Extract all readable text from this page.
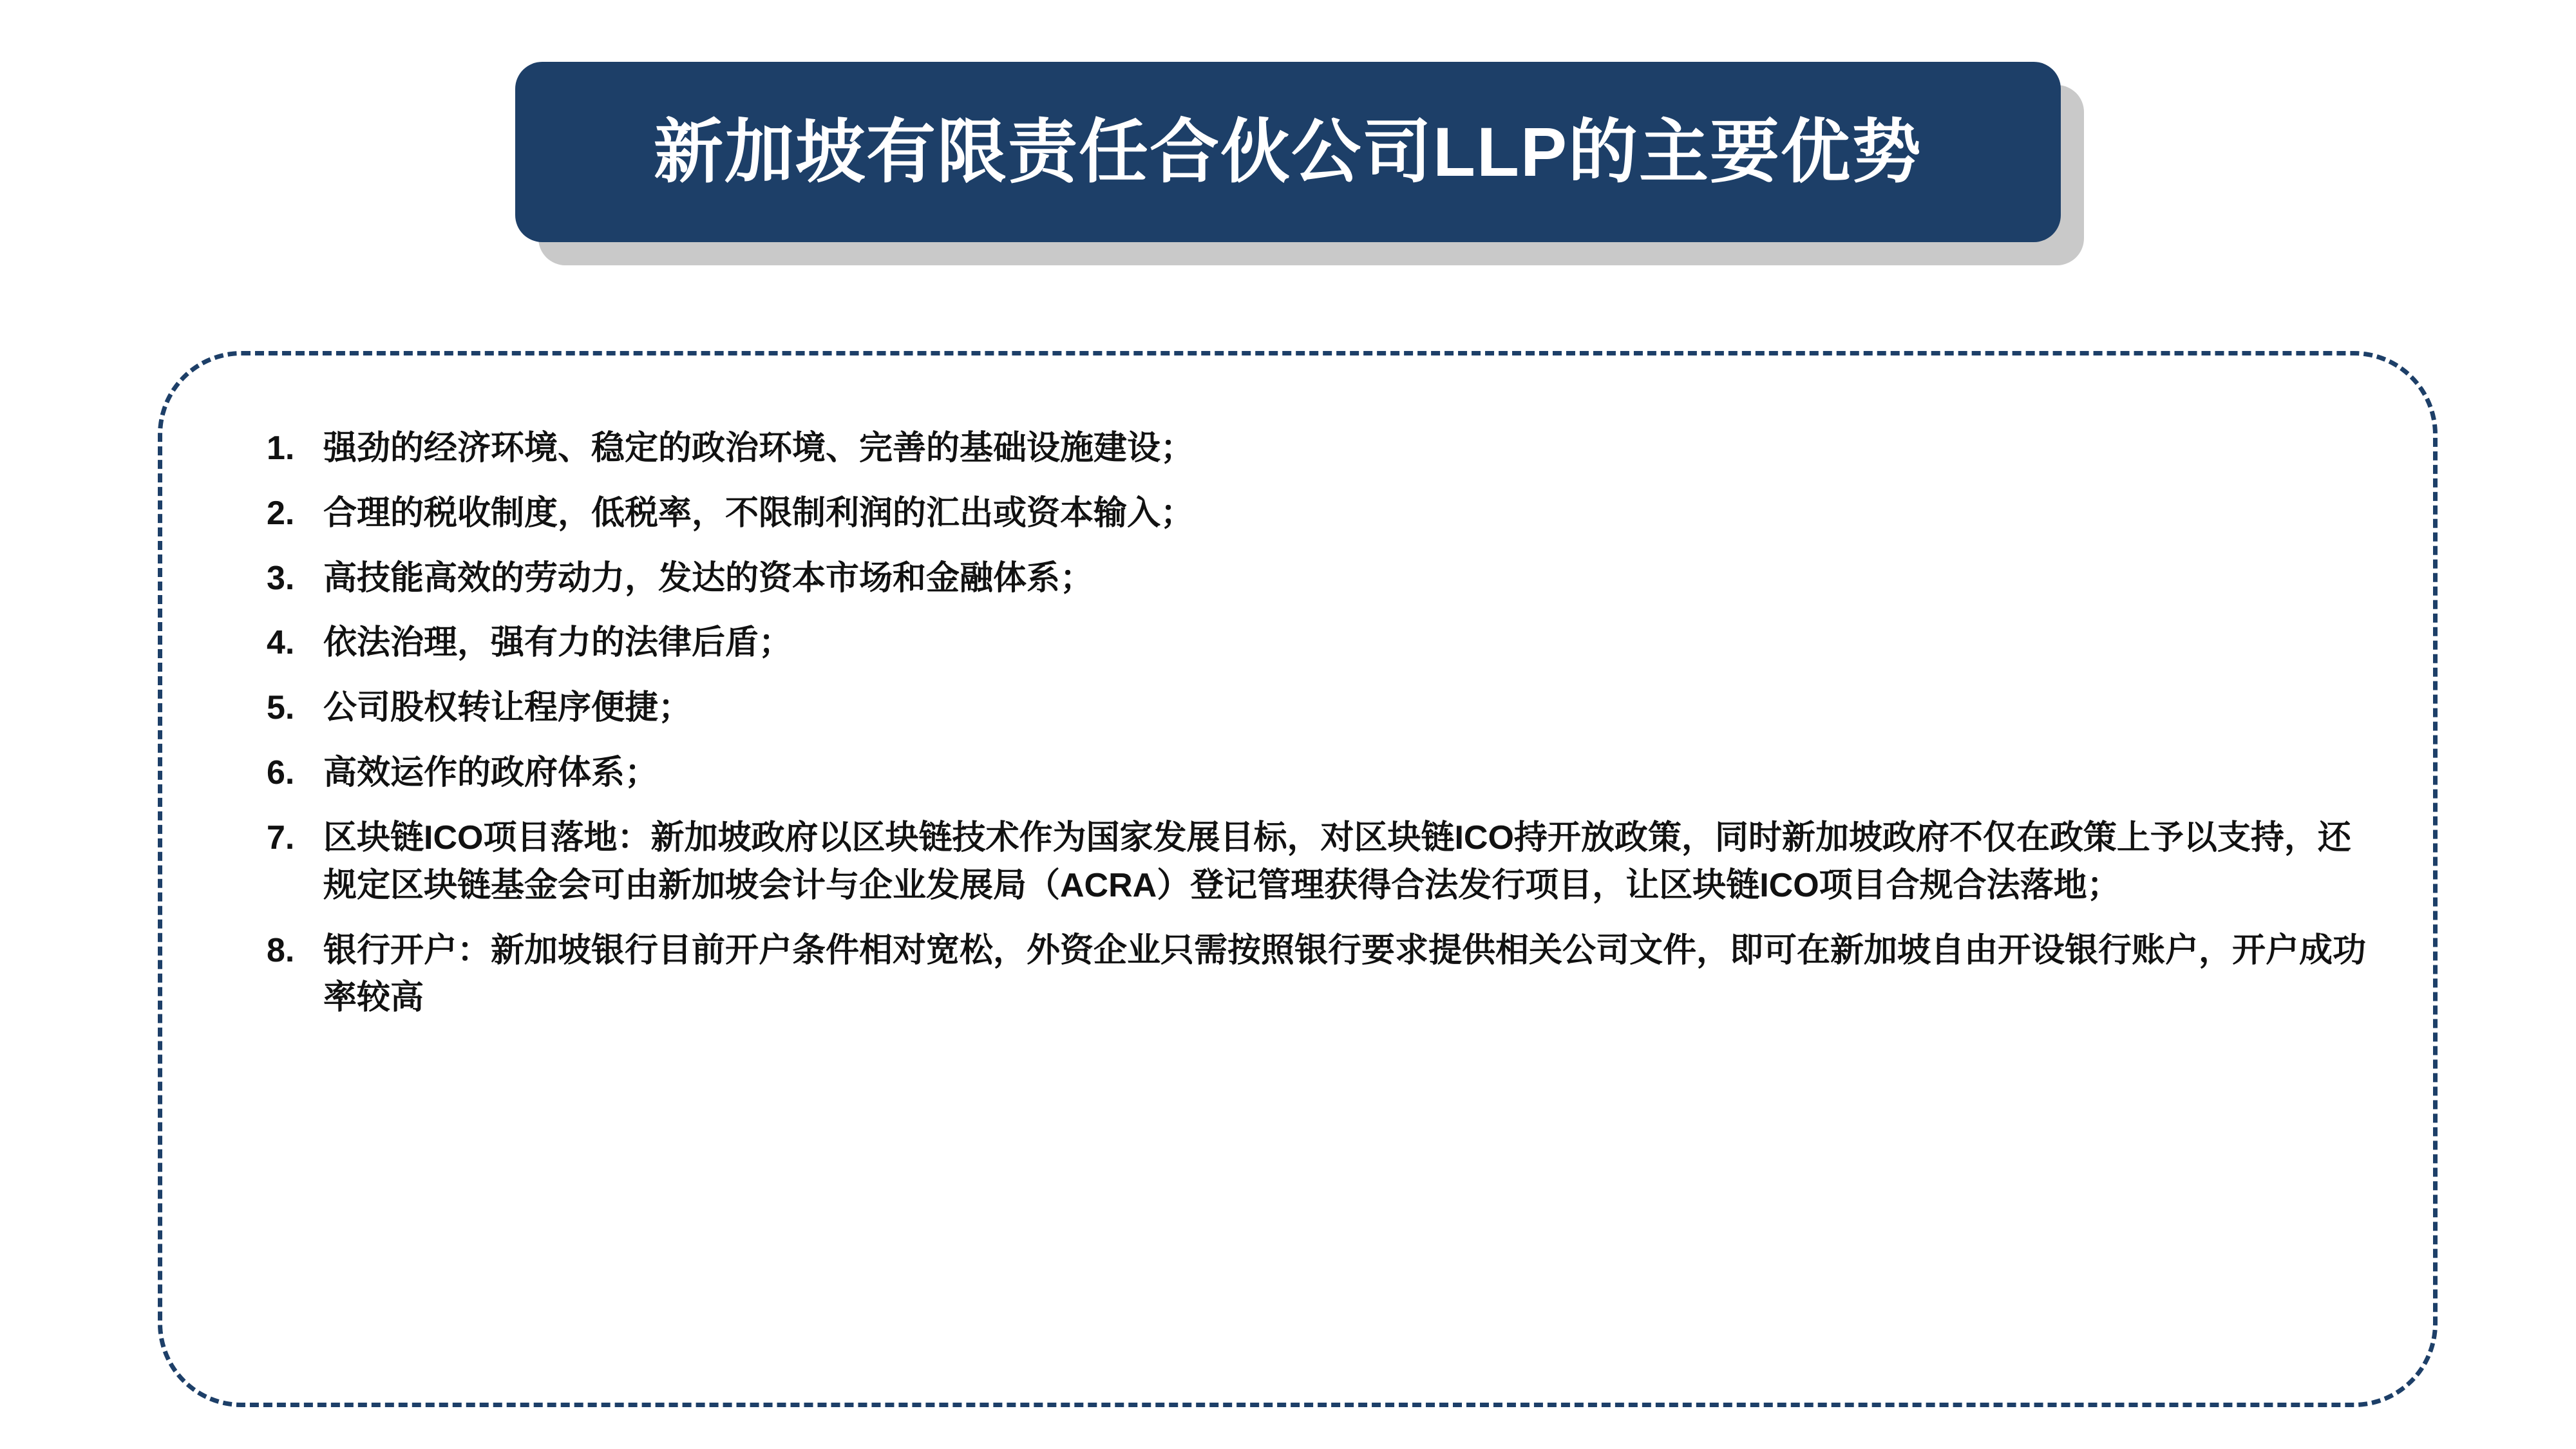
新加坡有限责任合伙公司LLP的主要优势
1. 强劲的经济环境、稳定的政治环境、完善的基础设施建设；
2. 合理的税收制度，低税率，不限制利润的汇出或资本输入；
3. 高技能高效的劳动力，发达的资本市场和金融体系；
4. 依法治理，强有力的法律后盾；
5. 公司股权转让程序便捷；
6. 高效运作的政府体系；
7. 区块链ICO项目落地：新加坡政府以区块链技术作为国家发展目标，对区块链ICO持开放政策，同时新加坡政府不仅在政策上予以支持，还规定区块链基金会可由新加坡会计与企业发展局（ACRA）登记管理获得合法发行项目，让区块链ICO项目合规合法落地；
8. 银行开户：新加坡银行目前开户条件相对宽松，外资企业只需按照银行要求提供相关公司文件，即可在新加坡自由开设银行账户，开户成功率较高
